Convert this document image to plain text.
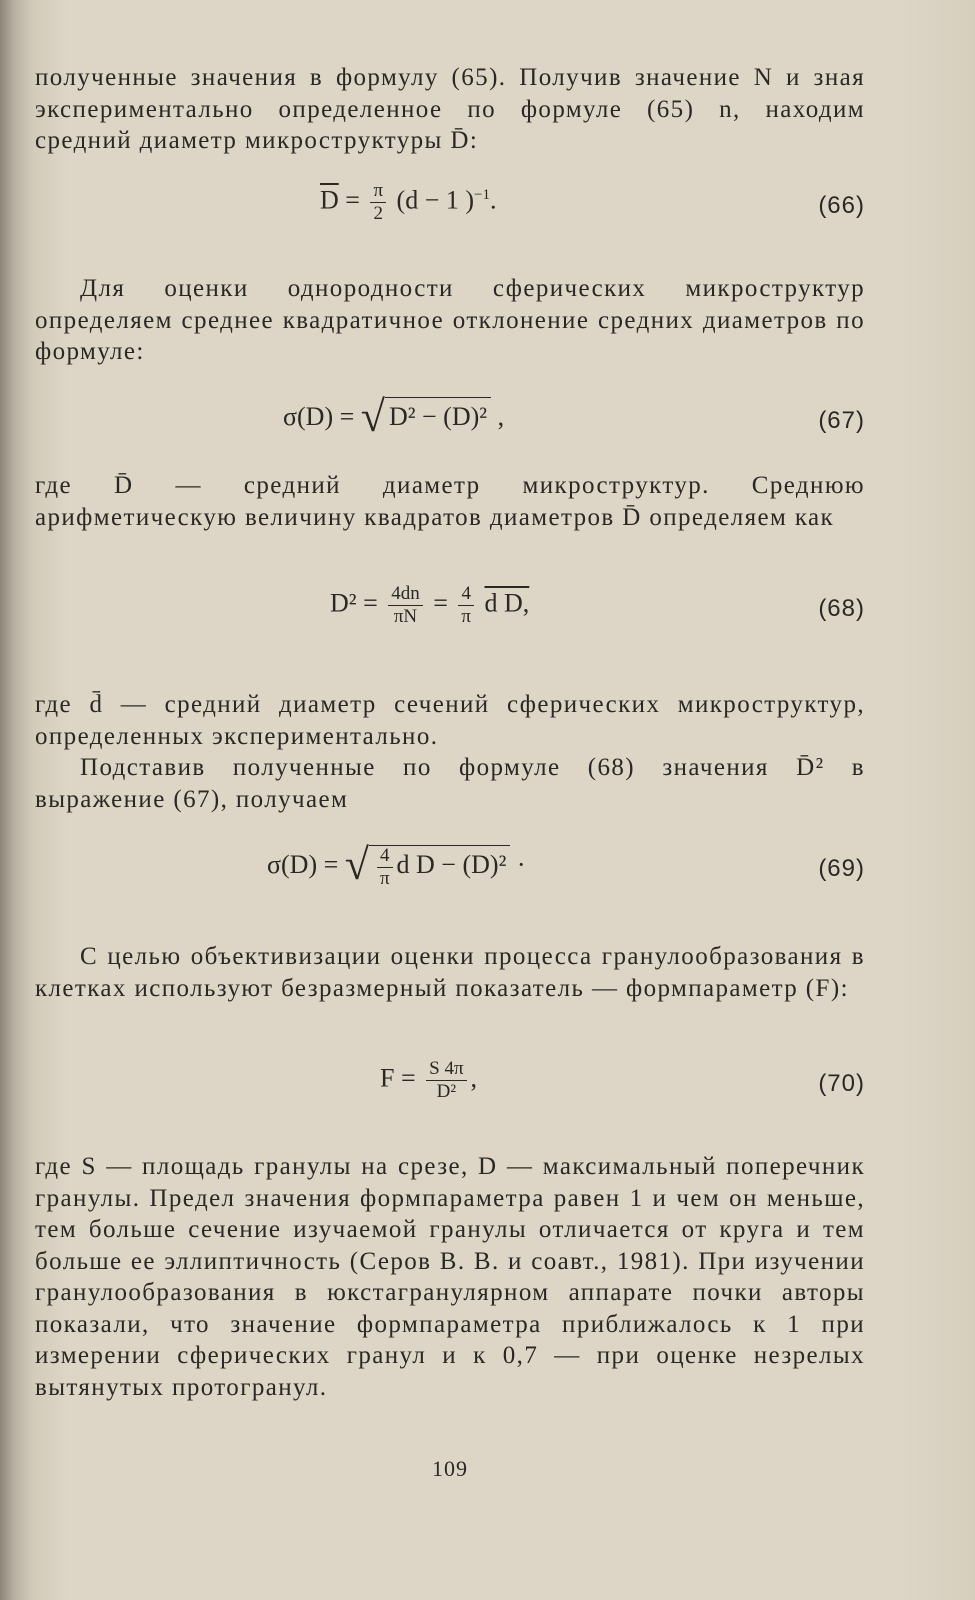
полученные значения в формулу (65). Получив значение N и зная экспериментально определенное по формуле (65) n, находим средний диаметр микроструктуры D̄:

$\overline{D} = \frac{\pi}{2} (d - 1$ )$^{-1}$.	(66)

Для оценки однородности сферических микроструктур определяем среднее квадратичное отклонение средних диаметров по формуле:

σ(D) = √ D² − (D)² ,	(67)

где D̄ — средний диаметр микроструктур. Среднюю арифметическую величину квадратов диаметров D̄ определяем как

$D^2 = \frac{4dn}{\pi N} = \frac{4}{\pi}$ d D,	(68)

где d̄ — средний диаметр сечений сферических микроструктур, определенных экспериментально.

Подставив полученные по формуле (68) значения D̄² в выражение (67), получаем

σ(D) = √ $\frac{4}{\pi}$ d D − (D)² ·	(69)

С целью объективизации оценки процесса гранулообразования в клетках используют безразмерный показатель — формпараметр (F):

$F = \frac{S 4\pi}{\text{D²}}$ ,	(70)

где S — площадь гранулы на срезе, D — максимальный поперечник гранулы. Предел значения формпараметра равен 1 и чем он меньше, тем больше сечение изучаемой гранулы отличается от круга и тем больше ее эллиптичность (Серов В. В. и соавт., 1981). При изучении гранулообразования в юкстагранулярном аппарате почки авторы показали, что значение формпараметра приближалось к 1 при измерении сферических гранул и к 0,7 — при оценке незрелых вытянутых протогранул.

109
